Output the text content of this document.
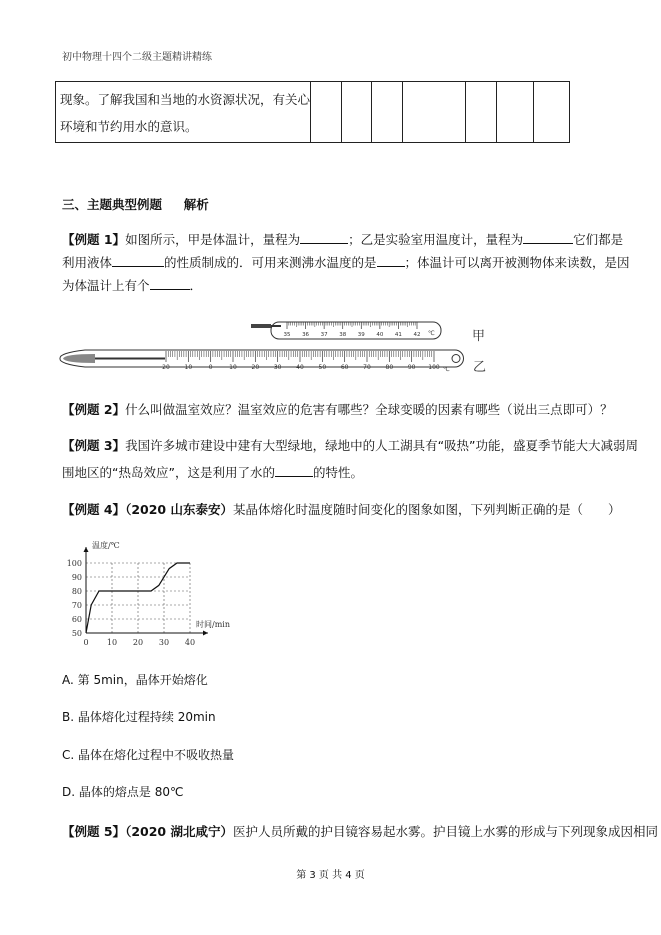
初中物理十四个二级主题精讲精练
现象。了解我国和当地的水资源状况，有关心
环境和节约用水的意识。
三、主题典型例题 解析
【例题 1】如图所示，甲是体温计，量程为	；乙是实验室用温度计，量程为	它们都是
利用液体	的性质制成的．可用来测沸水温度的是 ；体温计可以离开被测物体来读数，是因
为体温计上有个	．
35 36 37 38 39 40 41 42 ℃	甲
20 10	0	10 20 30 40 50 60 70 80 90 100 ℃ 乙
【例题 2】什么叫做温室效应？温室效应的危害有哪些？全球变暖的因素有哪些（说出三点即可）？
【例题 3】我国许多城市建设中建有大型绿地，绿地中的人工湖具有“吸热”功能，盛夏季节能大大减弱周
围地区的“热岛效应”，这是利用了水的	的特性。
【例题 4】（2020 山东泰安）某晶体熔化时温度随时间变化的图象如图，下列判断正确的是（　　）
0 10 20 30 40
50
60
70
80
90
100
温度/℃
时间/min
A. 第 5min，晶体开始熔化
B. 晶体熔化过程持续 20min
C. 晶体在熔化过程中不吸收热量
D. 晶体的熔点是 80℃
【例题 5】（2020 湖北咸宁）医护人员所戴的护目镜容易起水雾。护目镜上水雾的形成与下列现象成因相同
第 3 页 共 4 页
